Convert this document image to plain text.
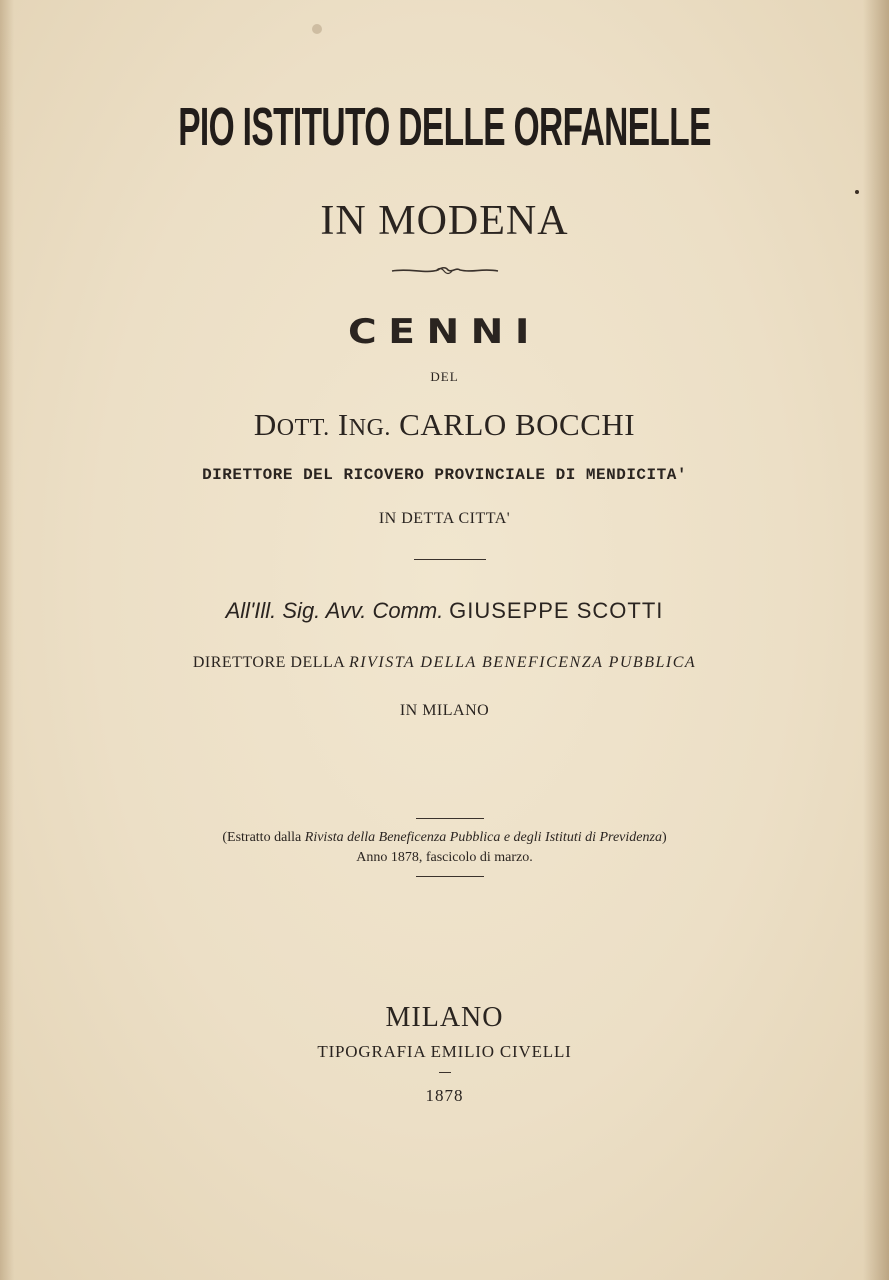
PIO ISTITUTO DELLE ORFANELLE
IN MODENA
CENNI
DEL
DOTT. ING. CARLO BOCCHI
DIRETTORE DEL RICOVERO PROVINCIALE DI MENDICITA'
IN DETTA CITTA'
All'Ill. Sig. Avv. Comm. GIUSEPPE SCOTTI
DIRETTORE DELLA RIVISTA DELLA BENEFICENZA PUBBLICA
IN MILANO
(Estratto dalla Rivista della Beneficenza Pubblica e degli Istituti di Previdenza)
Anno 1878, fascicolo di marzo.
MILANO
TIPOGRAFIA EMILIO CIVELLI
1878
